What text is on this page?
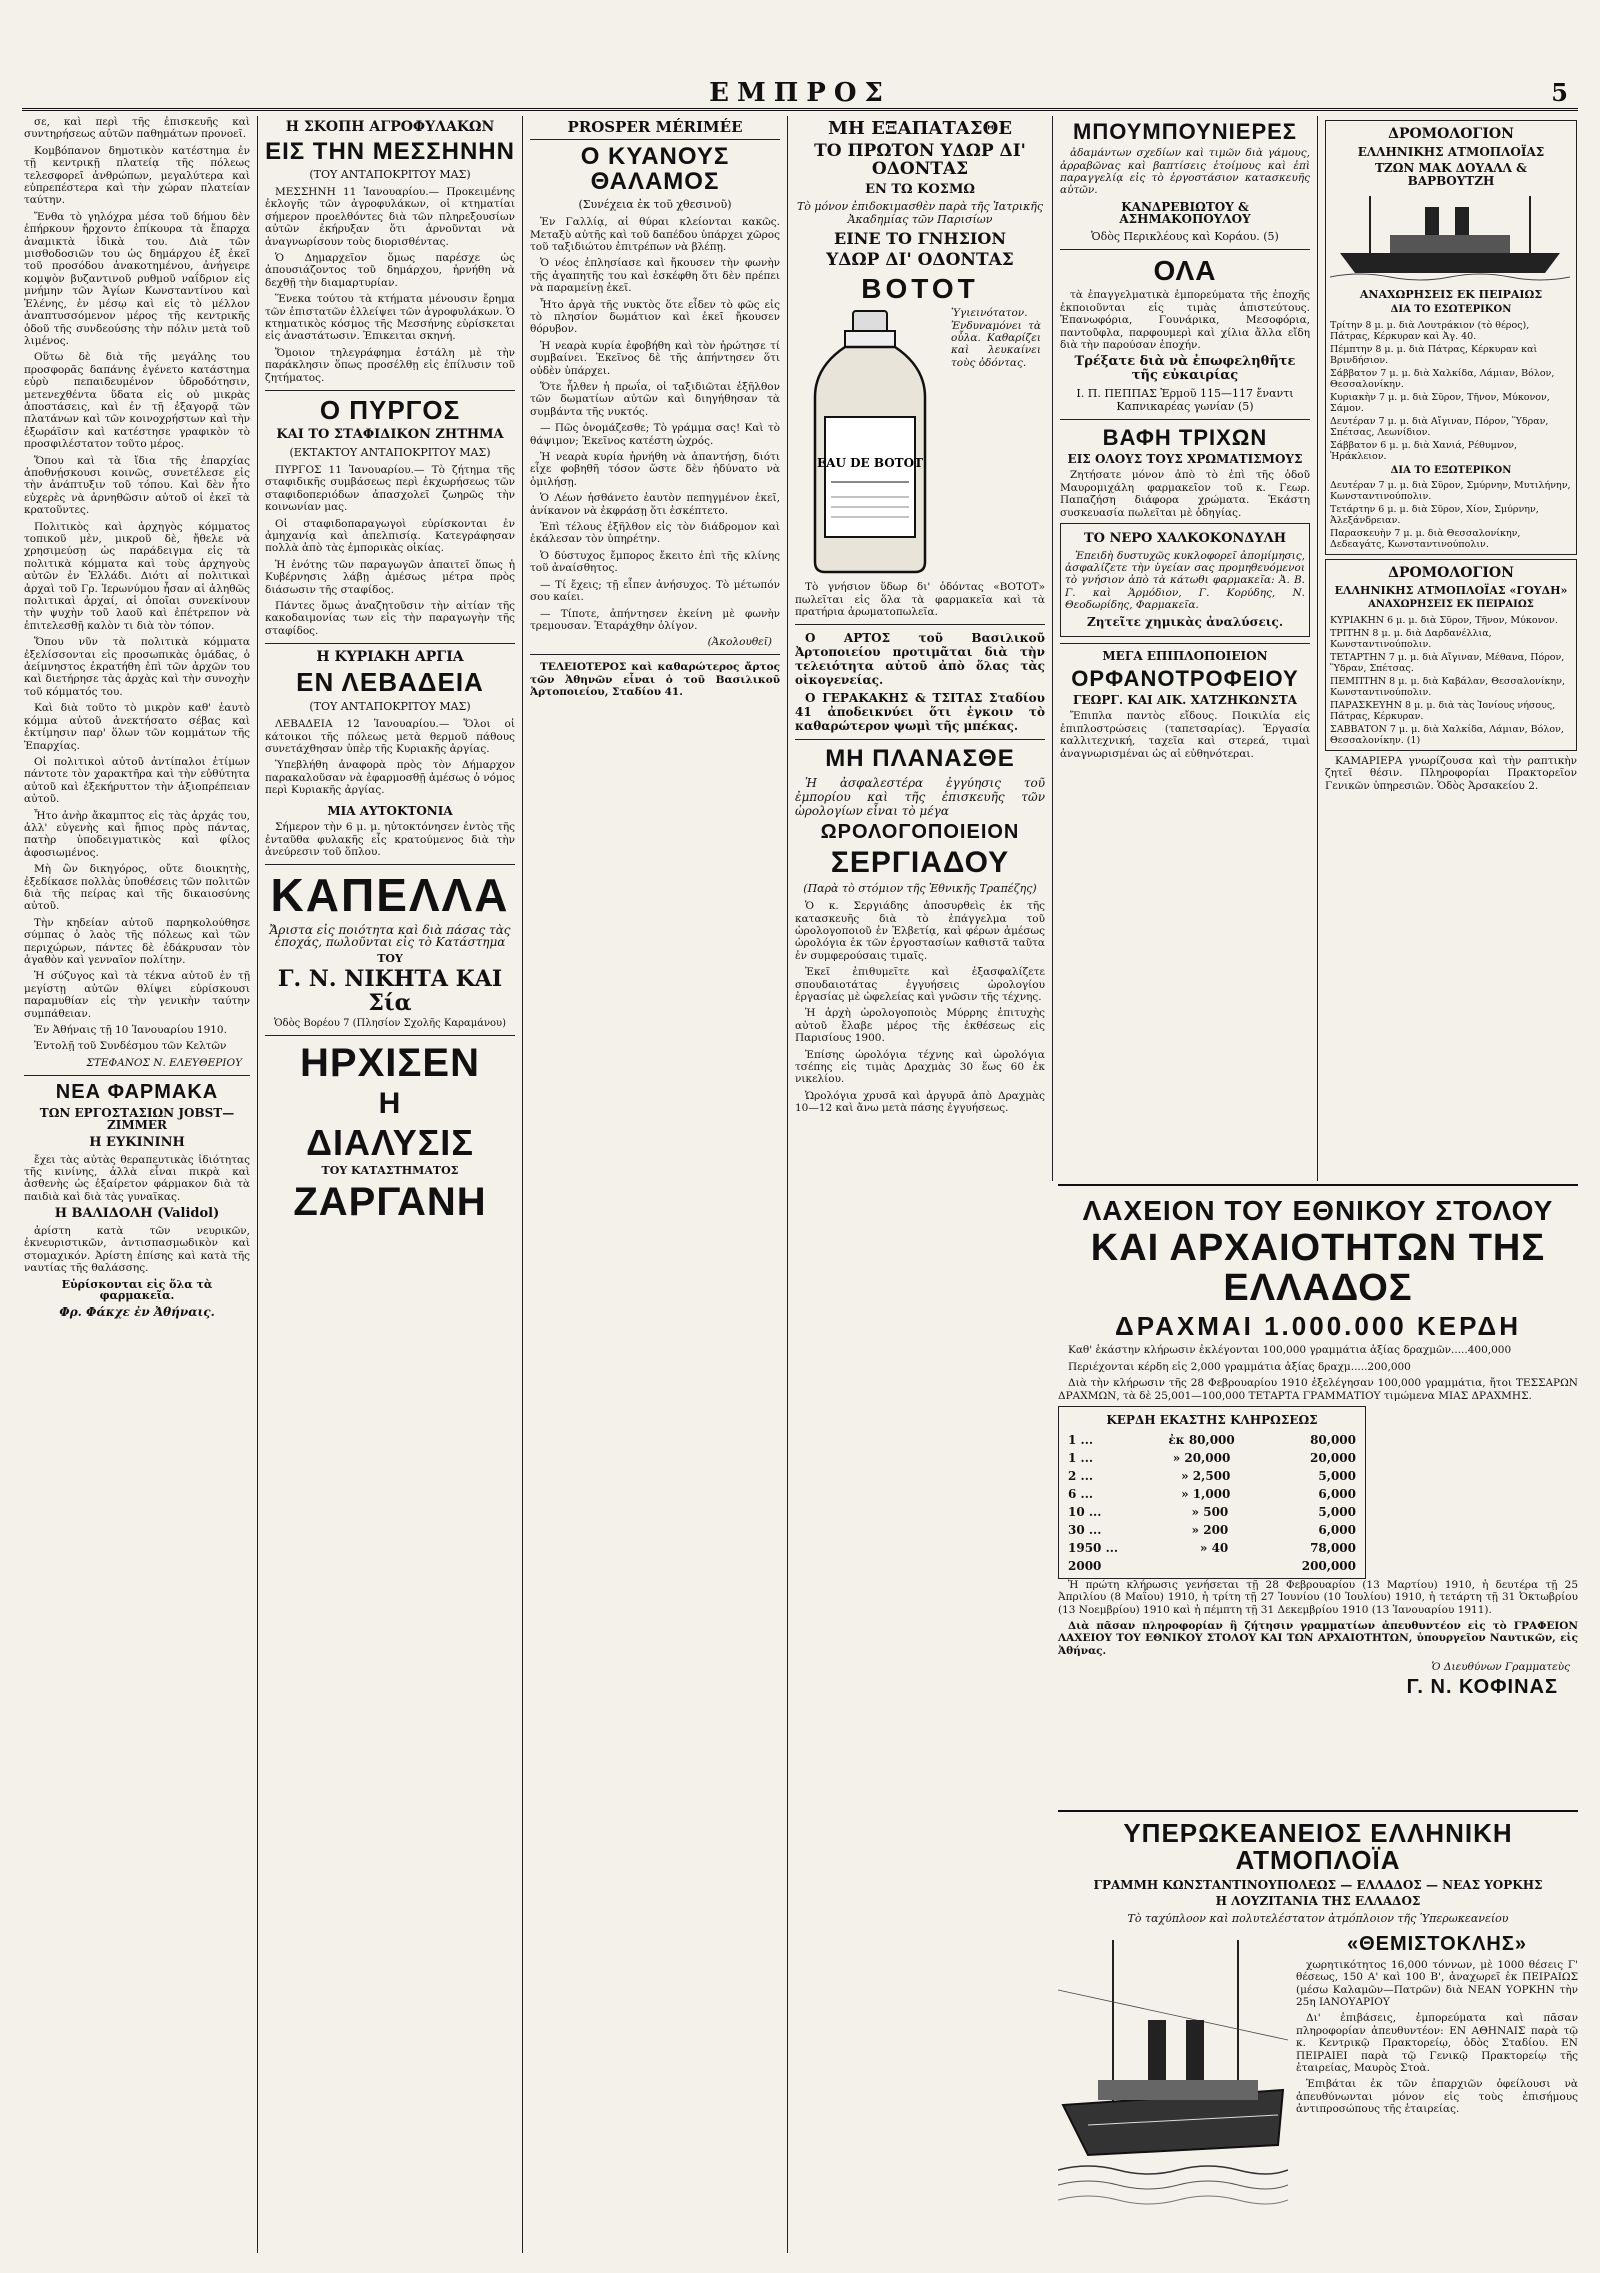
ΕΜΠΡΟΣ	5

σε, καὶ περὶ τῆς ἐπισκευῆς καὶ συντηρήσεως αὐτῶν παθημάτων προνοεῖ.

Κομβόπανον δημοτικὸν κατέστημα ἐν τῇ κεντρικῇ πλατείᾳ τῆς πόλεως τελεσφορεῖ ἀνθρώπων, μεγαλύτερα καὶ εὐπρεπέστερα καὶ τὴν χώραν πλατείαν ταύτην.

Ἔνθα τὸ γηλόχρα μέσα τοῦ δήμου δὲν ἐπήρκουν ἤρχοντο ἐπίκουρα τὰ ἔπαρχα ἀναμικτὰ ἰδικὰ του. Διὰ τῶν μισθοδοσιῶν του ὡς δημάρχου ἐξ ἐκεῖ τοῦ προσόδου ἀνακοτημένου, ἀνήγειρε κομψὸν βυζαντινοῦ ρυθμοῦ ναΐδριον εἰς μνήμην τῶν Ἁγίων Κωνσταντίνου καὶ Ἑλένης, ἐν μέσῳ καὶ εἰς τὸ μέλλον ἀναπτυσσόμενον μέρος τῆς κεντρικῆς ὁδοῦ τῆς συνδεούσης τὴν πόλιν μετὰ τοῦ λιμένος.

Οὕτω δὲ διὰ τῆς μεγάλης του προσφορᾶς δαπάνης ἐγένετο κατάστημα εὐρὺ πεπαιδευμένον ὑδροδότησιν, μετενεχθέντα ὕδατα εἰς οὐ μικρὰς ἀποστάσεις, καὶ ἐν τῇ ἐξαγορᾷ τῶν πλατάνων καὶ τῶν κοινοχρήστων καὶ τὴν ἐξωράϊσιν καὶ κατέστησε γραφικὸν τὸ προσφιλέστατον τοῦτο μέρος.

Ὅπου καὶ τὰ ἴδια τῆς ἐπαρχίας ἀποθνῄσκουσι κοινῶς, συνετέλεσε εἰς τὴν ἀνάπτυξιν τοῦ τόπου. Καὶ δὲν ἦτο εὐχερὲς νὰ ἀρνηθῶσιν αὐτοῦ οἱ ἐκεῖ τὰ κρατοῦντες.

Πολιτικὸς καὶ ἀρχηγὸς κόμματος τοπικοῦ μὲν, μικροῦ δὲ, ἤθελε νὰ χρησιμεύσῃ ὡς παράδειγμα εἰς τὰ πολιτικὰ κόμματα καὶ τοὺς ἀρχηγοὺς αὐτῶν ἐν Ἑλλάδι. Διότι αἱ πολιτικαὶ ἀρχαὶ τοῦ Γρ. Ἱερωνύμου ἦσαν αἱ ἀληθῶς πολιτικαὶ ἀρχαί, αἱ ὁποῖαι συνεκίνουν τὴν ψυχὴν τοῦ λαοῦ καὶ ἐπέτρεπον νὰ ἐπιτελεσθῇ καλὸν τι διὰ τὸν τόπον.

Ὅπου νῦν τὰ πολιτικὰ κόμματα ἐξελίσσονται εἰς προσωπικὰς ὁμάδας, ὁ ἀείμνηστος ἐκρατήθη ἐπὶ τῶν ἀρχῶν του καὶ διετήρησε τὰς ἀρχὰς καὶ τὴν συνοχὴν τοῦ κόμματός του.

Καὶ διὰ τοῦτο τὸ μικρὸν καθ' ἑαυτὸ κόμμα αὐτοῦ ἀνεκτήσατο σέβας καὶ ἐκτίμησιν παρ' ὅλων τῶν κομμάτων τῆς Ἐπαρχίας.

Οἱ πολιτικοὶ αὐτοῦ ἀντίπαλοι ἐτίμων πάντοτε τὸν χαρακτῆρα καὶ τὴν εὐθύτητα αὐτοῦ καὶ ἐξεκήρυττον τὴν ἀξιοπρέπειαν αὐτοῦ.

Ἦτο ἀνὴρ ἄκαμπτος εἰς τὰς ἀρχάς του, ἀλλ' εὐγενὴς καὶ ἤπιος πρὸς πάντας, πατὴρ ὑποδειγματικὸς καὶ φίλος ἀφοσιωμένος.

Μὴ ὢν δικηγόρος, οὔτε διοικητὴς, ἐξεδίκασε πολλὰς ὑποθέσεις τῶν πολιτῶν διὰ τῆς πείρας καὶ τῆς δικαιοσύνης αὐτοῦ.

Τὴν κηδείαν αὐτοῦ παρηκολούθησε σύμπας ὁ λαὸς τῆς πόλεως καὶ τῶν περιχώρων, πάντες δὲ ἐδάκρυσαν τὸν ἀγαθὸν καὶ γενναῖον πολίτην.

Ἡ σύζυγος καὶ τὰ τέκνα αὐτοῦ ἐν τῇ μεγίστῃ αὐτῶν θλίψει εὑρίσκουσι παραμυθίαν εἰς τὴν γενικὴν ταύτην συμπάθειαν.

Ἐν Ἀθήναις τῇ 10 Ἰανουαρίου 1910.

Ἐντολῇ τοῦ Συνδέσμου τῶν Κελτῶν

ΣΤΕΦΑΝΟΣ Ν. ΕΛΕΥΘΕΡΙΟΥ
ΝΕΑ ΦΑΡΜΑΚΑ
ΤΩΝ ΕΡΓΟΣΤΑΣΙΩΝ JOBST—ZIMMER
Η ΕΥΚΙΝΙΝΗ

ἔχει τὰς αὐτὰς θεραπευτικὰς ἰδιότητας τῆς κινίνης, ἀλλὰ εἶναι πικρὰ καὶ ἀσθενὴς ὡς ἐξαίρετον φάρμακον διὰ τὰ παιδιὰ καὶ διὰ τὰς γυναῖκας.

Η ΒΑΛΙΔΟΛΗ (Validol)

ἀρίστη κατὰ τῶν νευρικῶν, ἐκνευριστικῶν, ἀντισπασμωδικὸν καὶ στομαχικόν. Ἀρίστη ἐπίσης καὶ κατὰ τῆς ναυτίας τῆς θαλάσσης.

Εὑρίσκονται εἰς ὅλα τὰ φαρμακεῖα.
Φρ. Φάκχε ἐν Ἀθήναις.
Η ΣΚΟΠΗ ΑΓΡΟΦΥΛΑΚΩΝ
ΕΙΣ ΤΗΝ ΜΕΣΣΗΝΗΝ
(ΤΟΥ ΑΝΤΑΠΟΚΡΙΤΟΥ ΜΑΣ)

ΜΕΣΣΗΝΗ 11 Ἰανουαρίου.— Προκειμένης ἐκλογῆς τῶν ἀγροφυλάκων, οἱ κτηματίαι σήμερον προελθόντες διὰ τῶν πληρεξουσίων αὐτῶν ἐκήρυξαν ὅτι ἀρνοῦνται νὰ ἀναγνωρίσουν τοὺς διορισθέντας.

Ὁ Δημαρχεῖον ὅμως παρέσχε ὡς ἀπουσιάζοντος τοῦ δημάρχου, ἠρνήθη νὰ δεχθῇ τὴν διαμαρτυρίαν.

Ἕνεκα τούτου τὰ κτήματα μένουσιν ἔρημα τῶν ἐπιστατῶν ἐλλείψει τῶν ἀγροφυλάκων. Ὁ κτηματικὸς κόσμος τῆς Μεσσήνης εὑρίσκεται εἰς ἀναστάτωσιν. Ἐπικειται σκηνή.

Ὅμοιον τηλεγράφημα ἐστάλη μὲ τὴν παράκλησιν ὅπως προσέλθῃ εἰς ἐπίλυσιν τοῦ ζητήματος.

Ο ΠΥΡΓΟΣ
ΚΑΙ ΤΟ ΣΤΑΦΙΔΙΚΟΝ ΖΗΤΗΜΑ
(ΕΚΤΑΚΤΟΥ ΑΝΤΑΠΟΚΡΙΤΟΥ ΜΑΣ)

ΠΥΡΓΟΣ 11 Ἰανουαρίου.— Τὸ ζήτημα τῆς σταφιδικῆς συμβάσεως περὶ ἐκχωρήσεως τῶν σταφιδοπεριόδων ἀπασχολεῖ ζωηρῶς τὴν κοινωνίαν μας.

Οἱ σταφιδοπαραγωγοὶ εὑρίσκονται ἐν ἀμηχανίᾳ καὶ ἀπελπισίᾳ. Κατεγράφησαν πολλὰ ἀπὸ τὰς ἐμπορικὰς οἰκίας.

Ἡ ἐνότης τῶν παραγωγῶν ἀπαιτεῖ ὅπως ἡ Κυβέρνησις λάβῃ ἀμέσως μέτρα πρὸς διάσωσιν τῆς σταφίδος.

Πάντες ὅμως ἀναζητοῦσιν τὴν αἰτίαν τῆς κακοδαιμονίας των εἰς τὴν παραγωγὴν τῆς σταφίδος.

Η ΚΥΡΙΑΚΗ ΑΡΓΙΑ
ΕΝ ΛΕΒΑΔΕΙΑ
(ΤΟΥ ΑΝΤΑΠΟΚΡΙΤΟΥ ΜΑΣ)

ΛΕΒΑΔΕΙΑ 12 Ἰανουαρίου.— Ὅλοι οἱ κάτοικοι τῆς πόλεως μετὰ θερμοῦ πάθους συνετάχθησαν ὑπὲρ τῆς Κυριακῆς ἀργίας.

Ὑπεβλήθη ἀναφορὰ πρὸς τὸν Δήμαρχον παρακαλοῦσαν νὰ ἐφαρμοσθῇ ἀμέσως ὁ νόμος περὶ Κυριακῆς ἀργίας.

ΜΙΑ ΑΥΤΟΚΤΟΝΙΑ

Σήμερον τὴν 6 μ. μ. ηὐτοκτόνησεν ἐντὸς τῆς ἐνταῦθα φυλακῆς εἷς κρατούμενος διὰ τὴν ἀνεύρεσιν τοῦ ὅπλου.

ΚΑΠΕΛΛΑ
Ἄριστα εἰς ποιότητα καὶ διὰ πάσας τὰς ἐποχάς, πωλοῦνται εἰς τὸ Κατάστημα
ΤΟΥ
Γ. Ν. ΝΙΚΗΤΑ ΚΑΙ Σία
Ὁδὸς Βορέου 7 (Πλησίον Σχολῆς Καραμάνου)
ΗΡΧΙΣΕΝ
Η
ΔΙΑΛΥΣΙΣ
ΤΟΥ ΚΑΤΑΣΤΗΜΑΤΟΣ
ΖΑΡΓΑΝΗ
PROSPER MÉRIMÉE
Ο ΚΥΑΝΟΥΣ ΘΑΛΑΜΟΣ
(Συνέχεια ἐκ τοῦ χθεσινοῦ)

Ἐν Γαλλίᾳ, αἱ θύραι κλείονται κακῶς. Μεταξὺ αὐτῆς καὶ τοῦ δαπέδου ὑπάρχει χῶρος τοῦ ταξιδιώτου ἐπιτρέπων νὰ βλέπῃ.

Ὁ νέος ἐπλησίασε καὶ ἤκουσεν τὴν φωνὴν τῆς ἀγαπητῆς του καὶ ἐσκέφθη ὅτι δὲν πρέπει νὰ παραμείνῃ ἐκεῖ.

Ἦτο ἀργὰ τῆς νυκτὸς ὅτε εἶδεν τὸ φῶς εἰς τὸ πλησίον δωμάτιον καὶ ἐκεῖ ἤκουσεν θόρυβον.

Ἡ νεαρὰ κυρία ἐφοβήθη καὶ τὸν ἠρώτησε τί συμβαίνει. Ἐκεῖνος δὲ τῆς ἀπήντησεν ὅτι οὐδὲν ὑπάρχει.

Ὅτε ἦλθεν ἡ πρωΐα, οἱ ταξιδιῶται ἐξῆλθον τῶν δωματίων αὐτῶν καὶ διηγήθησαν τὰ συμβάντα τῆς νυκτός.

— Πῶς ὀνομάζεσθε; Τὸ γράμμα σας! Καὶ τὸ θάψιμον; Ἐκεῖνος κατέστη ὠχρός.

Ἡ νεαρὰ κυρία ἠρνήθη νὰ ἀπαντήσῃ, διότι εἶχε φοβηθῆ τόσον ὥστε δὲν ἠδύνατο νὰ ὁμιλήσῃ.

Ὁ Λέων ἠσθάνετο ἑαυτὸν πεπηγμένον ἐκεῖ, ἀνίκανον νὰ ἐκφράσῃ ὅτι ἐσκέπτετο.

Ἐπὶ τέλους ἐξῆλθον εἰς τὸν διάδρομον καὶ ἐκάλεσαν τὸν ὑπηρέτην.

Ὁ δύστυχος ἔμπορος ἔκειτο ἐπὶ τῆς κλίνης τοῦ ἀναίσθητος.

— Τί ἔχεις; τῇ εἶπεν ἀνήσυχος. Τὸ μέτωπόν σου καίει.

— Τίποτε, ἀπήντησεν ἐκείνη μὲ φωνὴν τρεμουσαν. Ἐταράχθην ὀλίγον.

(Ἀκολουθεῖ)

ΤΕΛΕΙΟΤΕΡΟΣ καὶ καθαρώτερος ἄρτος τῶν Ἀθηνῶν εἶναι ὁ τοῦ Βασιλικοῦ Ἀρτοποιείου, Σταδίου 41.

ΜΗ ΕΞΑΠΑΤΑΣΘΕ
ΤΟ ΠΡΩΤΟΝ ΥΔΩΡ ΔΙ' ΟΔΟΝΤΑΣ
ΕΝ ΤΩ ΚΟΣΜΩ
Τὸ μόνον ἐπιδοκιμασθὲν παρὰ τῆς Ἰατρικῆς Ἀκαδημίας τῶν Παρισίων
ΕΙΝΕ ΤΟ ΓΝΗΣΙΟΝ
ΥΔΩΡ ΔΙ' ΟΔΟΝΤΑΣ
ΒΟΤΟΤ
EAU DE BOTOT

Ὑγιεινότατον. Ἐνδυναμόνει τὰ οὖλα. Καθαρίζει καὶ λευκαίνει τοὺς ὀδόντας.

Τὸ γνήσιον ὕδωρ δι' ὀδόντας «ΒΟΤΟΤ» πωλεῖται εἰς ὅλα τὰ φαρμακεῖα καὶ τὰ πρατήρια ἀρωματοπωλεῖα.

Ο ΑΡΤΟΣ τοῦ Βασιλικοῦ Ἀρτοποιείου προτιμᾶται διὰ τὴν τελειότητα αὐτοῦ ἀπὸ ὅλας τὰς οἰκογενείας.

Ο ΓΕΡΑΚΑΚΗΣ & ΤΣΙΤΑΣ Σταδίου 41 ἀποδεικνύει ὅτι ἐγκοιν τὸ καθαρώτερον ψωμὶ τῆς μπέκας.

ΜΗ ΠΛΑΝΑΣΘΕ

Ἡ ἀσφαλεστέρα ἐγγύησις τοῦ ἐμπορίου καὶ τῆς ἐπισκευῆς τῶν ὡρολογίων εἶναι τὸ μέγα

ΩΡΟΛΟΓΟΠΟΙΕΙΟΝ
ΣΕΡΓΙΑΔΟΥ
(Παρὰ τὸ στόμιον τῆς Ἑθνικῆς Τραπέζης)

Ὁ κ. Σεργιάδης ἀποσυρθεὶς ἐκ τῆς κατασκευῆς διὰ τὸ ἐπάγγελμα τοῦ ὡρολογοποιοῦ ἐν Ἑλβετίᾳ, καὶ φέρων ἀμέσως ὡρολόγια ἐκ τῶν ἐργοστασίων καθιστᾶ ταῦτα ἐν συμφερούσαις τιμαῖς.

Ἐκεῖ ἐπιθυμεῖτε καὶ ἐξασφαλίζετε σπουδαιοτάτας ἐγγυήσεις ὡρολογίου ἐργασίας μὲ ὠφελείας καὶ γνῶσιν τῆς τέχνης.

Ἡ ἀρχὴ ὡρολογοποιὸς Μύρρης ἐπιτυχὴς αὐτοῦ ἔλαβε μέρος τῆς ἐκθέσεως εἰς Παρισίους 1900.

Ἐπίσης ὡρολόγια τέχνης καὶ ὡρολόγια τσέπης εἰς τιμὰς Δραχμὰς 30 ἕως 60 ἐκ νικελίου.

Ὡρολόγια χρυσᾶ καὶ ἀργυρᾶ ἀπὸ Δραχμὰς 10—12 καὶ ἄνω μετὰ πάσης ἐγγυήσεως.

ΜΠΟΥΜΠΟΥΝΙΕΡΕΣ

ἀδαμάντων σχεδίων καὶ τιμῶν διὰ γάμους, ἀρραβῶνας καὶ βαπτίσεις ἑτοίμους καὶ ἐπὶ παραγγελίᾳ εἰς τὸ ἐργοστάσιον κατασκευῆς αὐτῶν.

ΚΑΝΔΡΕΒΙΩΤΟΥ & ΑΣΗΜΑΚΟΠΟΥΛΟΥ
Ὁδὸς Περικλέους καὶ Κοράου. (5)
ΟΛΑ

τὰ ἐπαγγελματικὰ ἐμπορεύματα τῆς ἐποχῆς ἐκποιοῦνται εἰς τιμὰς ἀπιστεύτους. Ἐπανωφόρια, Γουνάρικα, Μεσοφόρια, παντοῦφλα, παρφουμερὶ καὶ χίλια ἄλλα εἴδη διὰ τὴν παρούσαν ἐποχήν.

Τρέξατε διὰ νὰ ἐπωφεληθῆτε τῆς εὐκαιρίας
Ι. Π. ΠΕΠΠΑΣ Ἑρμοῦ 115—117 ἔναντι Καπνικαρέας γωνίαν (5)
ΒΑΦΗ ΤΡΙΧΩΝ
ΕΙΣ ΟΛΟΥΣ ΤΟΥΣ ΧΡΩΜΑΤΙΣΜΟΥΣ

Ζητήσατε μόνον ἀπὸ τὸ ἐπὶ τῆς ὁδοῦ Μαυρομιχάλη φαρμακεῖον τοῦ κ. Γεωρ. Παπαζήση διάφορα χρώματα. Ἑκάστη συσκευασία πωλεῖται μὲ ὁδηγίας.

ΤΟ ΝΕΡΟ ΧΑΛΚΟΚΟΝΔΥΛΗ

Ἐπειδὴ δυστυχῶς κυκλοφορεῖ ἀπομίμησις, ἀσφαλίζετε τὴν ὑγείαν σας προμηθευόμενοι τὸ γνήσιον ἀπὸ τὰ κάτωθι φαρμακεῖα: Ἀ. Β. Γ. καὶ Ἁρμόδιον, Γ. Κορύδης, Ν. Θεοδωρίδης, Φαρμακεῖα.

Ζητεῖτε χημικὰς ἀναλύσεις.
ΜΕΓΑ ΕΠΙΠΛΟΠΟΙΕΙΟΝ
ΟΡΦΑΝΟΤΡΟΦΕΙΟΥ
ΓΕΩΡΓ. ΚΑΙ ΑΙΚ. ΧΑΤΖΗΚΩΝΣΤΑ

Ἔπιπλα παντὸς εἴδους. Ποικιλία εἰς ἐπιπλοστρώσεις (ταπετσαρίας). Ἐργασία καλλιτεχνική, ταχεῖα καὶ στερεά, τιμαὶ ἀναγνωρισμέναι ὡς αἱ εὐθηνότεραι.

ΔΡΟΜΟΛΟΓΙΟΝ
ΕΛΛΗΝΙΚΗΣ ΑΤΜΟΠΛΟΪΑΣ
ΤΖΩΝ ΜΑΚ ΔΟΥΑΛΛ & ΒΑΡΒΟΥΤΖΗ
ΑΝΑΧΩΡΗΣΕΙΣ ΕΚ ΠΕΙΡΑΙΩΣ
ΔΙΑ ΤΟ ΕΣΩΤΕΡΙΚΟΝ

Τρίτην 8 μ. μ. διὰ Λουτράκιον (τὸ θέρος), Πάτρας, Κέρκυραν καὶ Ἀγ. 40.

Πέμπτην 8 μ. μ. διὰ Πάτρας, Κέρκυραν καὶ Βρινδήσιον.

Σάββατον 7 μ. μ. διὰ Χαλκίδα, Λάμιαν, Βόλον, Θεσσαλονίκην.

Κυριακὴν 7 μ. μ. διὰ Σῦρον, Τῆνον, Μύκονον, Σάμον.

Δευτέραν 7 μ. μ. διὰ Αἴγιναν, Πόρον, Ὕδραν, Σπέτσας, Λεωνίδιον.

Σάββατον 6 μ. μ. διὰ Χανιά, Ρέθυμνον, Ἡράκλειον.

ΔΙΑ ΤΟ ΕΞΩΤΕΡΙΚΟΝ

Δευτέραν 7 μ. μ. διὰ Σῦρον, Σμύρνην, Μυτιλήνην, Κωνσταντινούπολιν.

Τετάρτην 6 μ. μ. διὰ Σῦρον, Χίον, Σμύρνην, Ἀλεξάνδρειαν.

Παρασκευὴν 7 μ. μ. διὰ Θεσσαλονίκην, Δεδεαγάτς, Κωνσταντινούπολιν.

ΔΡΟΜΟΛΟΓΙΟΝ
ΕΛΛΗΝΙΚΗΣ ΑΤΜΟΠΛΟΪΑΣ «ΓΟΥΔΗ»
ΑΝΑΧΩΡΗΣΕΙΣ ΕΚ ΠΕΙΡΑΙΩΣ

ΚΥΡΙΑΚΗΝ 6 μ. μ. διὰ Σῦρον, Τῆνον, Μύκονον.

ΤΡΙΤΗΝ 8 μ. μ. διὰ Δαρδανέλλια, Κωνσταντινούπολιν.

ΤΕΤΑΡΤΗΝ 7 μ. μ. διὰ Αἴγιναν, Μέθανα, Πόρον, Ὕδραν, Σπέτσας.

ΠΕΜΠΤΗΝ 8 μ. μ. διὰ Καβάλαν, Θεσσαλονίκην, Κωνσταντινούπολιν.

ΠΑΡΑΣΚΕΥΗΝ 8 μ. μ. διὰ τὰς Ἰονίους νήσους, Πάτρας, Κέρκυραν.

ΣΑΒΒΑΤΟΝ 7 μ. μ. διὰ Χαλκίδα, Λάμιαν, Βόλον, Θεσσαλονίκην. (1)

ΚΑΜΑΡΙΕΡΑ γνωρίζουσα καὶ τὴν ραπτικὴν ζητεῖ θέσιν. Πληροφορίαι Πρακτορεῖον Γενικῶν ὑπηρεσιῶν. Ὁδὸς Ἀρσακείου 2.

ΛΑΧΕΙΟΝ ΤΟΥ ΕΘΝΙΚΟΥ ΣΤΟΛΟΥ
ΚΑΙ ΑΡΧΑΙΟΤΗΤΩΝ ΤΗΣ ΕΛΛΑΔΟΣ
ΔΡΑΧΜΑΙ 1.000.000 ΚΕΡΔΗ

Καθ' ἑκάστην κλήρωσιν ἐκλέγονται 100,000 γραμμάτια ἀξίας δραχμῶν.....400,000

Περιέχονται κέρδη εἰς 2,000 γραμμάτια ἀξίας δραχμ.....200,000

Διὰ τὴν κλήρωσιν τῆς 28 Φεβρουαρίου 1910 ἐξελέγησαν 100,000 γραμμάτια, ἤτοι ΤΕΣΣΑΡΩΝ ΔΡΑΧΜΩΝ, τὰ δὲ 25,001—100,000 ΤΕΤΑΡΤΑ ΓΡΑΜΜΑΤΙΟΥ τιμώμενα ΜΙΑΣ ΔΡΑΧΜΗΣ.

ΚΕΡΔΗ ΕΚΑΣΤΗΣ ΚΛΗΡΩΣΕΩΣ
1 ...	ἐκ 80,000	80,000
1 ...	» 20,000	20,000
2 ...	» 2,500	5,000
6 ...	» 1,000	6,000
10 ...	» 500	5,000
30 ...	» 200	6,000
1950 ...	» 40	78,000
2000	200,000

Ἡ πρώτη κλήρωσις γενήσεται τῇ 28 Φεβρουαρίου (13 Μαρτίου) 1910, ἡ δευτέρα τῇ 25 Ἀπριλίου (8 Μαΐου) 1910, ἡ τρίτη τῇ 27 Ἰουνίου (10 Ἰουλίου) 1910, ἡ τετάρτη τῇ 31 Ὀκτωβρίου (13 Νοεμβρίου) 1910 καὶ ἡ πέμπτη τῇ 31 Δεκεμβρίου 1910 (13 Ἰανουαρίου 1911).

Διὰ πᾶσαν πληροφορίαν ἢ ζήτησιν γραμματίων ἀπευθυντέον εἰς τὸ ΓΡΑΦΕΙΟΝ ΛΑΧΕΙΟΥ ΤΟΥ ΕΘΝΙΚΟΥ ΣΤΟΛΟΥ ΚΑΙ ΤΩΝ ΑΡΧΑΙΟΤΗΤΩΝ, ὑπουργεῖον Ναυτικῶν, εἰς Ἀθήνας.

Ὁ Διευθύνων Γραμματεὺς
Γ. Ν. ΚΟΦΙΝΑΣ
ΥΠΕΡΩΚΕΑΝΕΙΟΣ ΕΛΛΗΝΙΚΗ ΑΤΜΟΠΛΟΪΑ
ΓΡΑΜΜΗ ΚΩΝΣΤΑΝΤΙΝΟΥΠΟΛΕΩΣ — ΕΛΛΑΔΟΣ — ΝΕΑΣ ΥΟΡΚΗΣ
Η ΛΟΥΖΙΤΑΝΙΑ ΤΗΣ ΕΛΛΑΔΟΣ
Τὸ ταχύπλοον καὶ πολυτελέστατον ἀτμόπλοιον τῆς Ὑπερωκεανείου
«ΘΕΜΙΣΤΟΚΛΗΣ»

χωρητικότητος 16,000 τόννων, μὲ 1000 θέσεις Γ' θέσεως, 150 Α' καὶ 100 Β', ἀναχωρεῖ ἐκ ΠΕΙΡΑΙΩΣ (μέσω Καλαμῶν—Πατρῶν) διὰ ΝΕΑΝ ΥΟΡΚΗΝ τὴν 25η ΙΑΝΟΥΑΡΙΟΥ

Δι' ἐπιβάσεις, ἐμπορεύματα καὶ πᾶσαν πληροφορίαν ἀπευθυντέον: ΕΝ ΑΘΗΝΑΙΣ παρὰ τῷ κ. Κεντρικῷ Πρακτορείῳ, ὁδὸς Σταδίου. ΕΝ ΠΕΙΡΑΙΕΙ παρὰ τῷ Γενικῷ Πρακτορείῳ τῆς ἑταιρείας, Μαυρὸς Στοὰ.

Ἐπιβάται ἐκ τῶν ἐπαρχιῶν ὀφείλουσι νὰ ἀπευθύνωνται μόνον εἰς τοὺς ἐπισήμους ἀντιπροσώπους τῆς ἑταιρείας.
